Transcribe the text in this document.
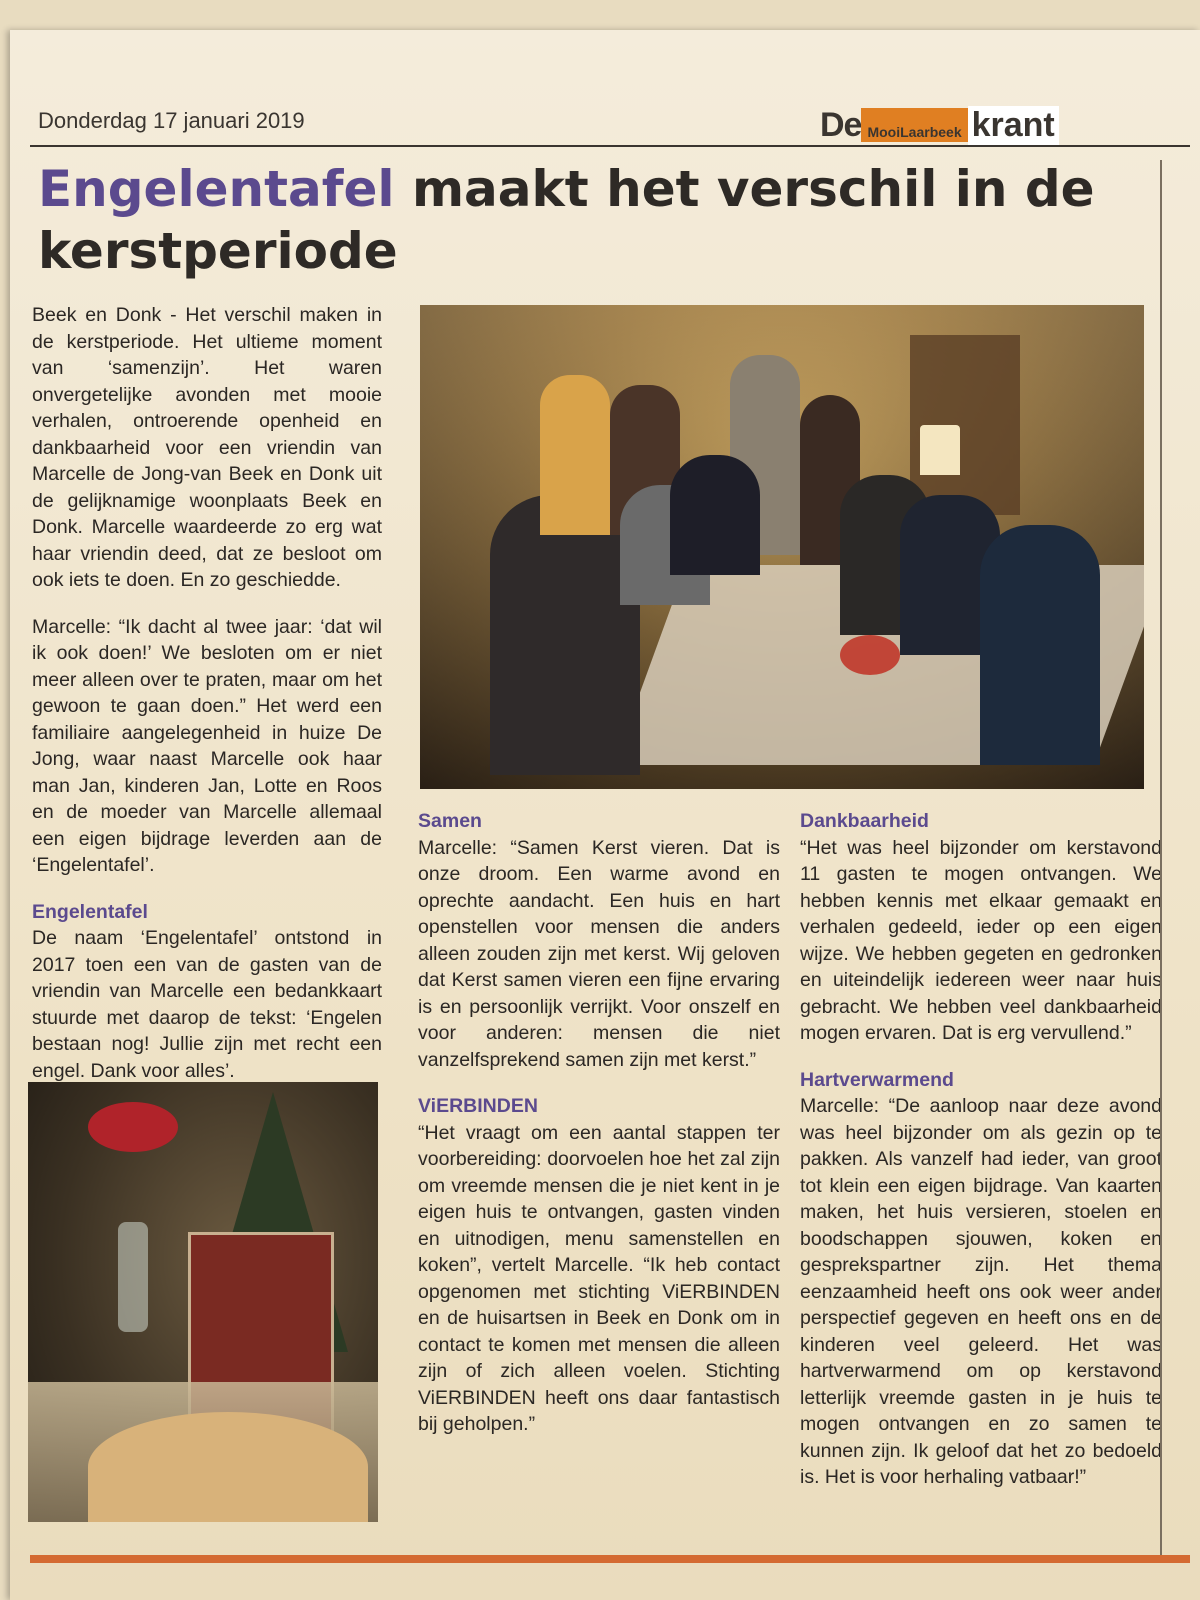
Donderdag 17 januari 2019	De MooiLaarbeek krant
Engelentafel maakt het verschil in de kerstperiode

Beek en Donk - Het verschil maken in de kerstperiode. Het ultieme moment van ‘samenzijn’. Het waren onvergetelijke avonden met mooie verhalen, ontroerende openheid en dankbaarheid voor een vriendin van Marcelle de Jong-van Beek en Donk uit de gelijknamige woonplaats Beek en Donk. Marcelle waardeerde zo erg wat haar vriendin deed, dat ze besloot om ook iets te doen. En zo geschiedde.

Marcelle: “Ik dacht al twee jaar: ‘dat wil ik ook doen!’ We besloten om er niet meer alleen over te praten, maar om het gewoon te gaan doen.” Het werd een familiaire aangelegenheid in huize De Jong, waar naast Marcelle ook haar man Jan, kinderen Jan, Lotte en Roos en de moeder van Marcelle allemaal een eigen bijdrage leverden aan de ‘Engelentafel’.

Engelentafel

De naam ‘Engelentafel’ ontstond in 2017 toen een van de gasten van de vriendin van Marcelle een bedankkaart stuurde met daarop de tekst: ‘Engelen bestaan nog! Jullie zijn met recht een engel. Dank voor alles’.

Samen

Marcelle: “Samen Kerst vieren. Dat is onze droom. Een warme avond en oprechte aandacht. Een huis en hart openstellen voor mensen die anders alleen zouden zijn met kerst. Wij geloven dat Kerst samen vieren een fijne ervaring is en persoonlijk verrijkt. Voor onszelf en voor anderen: mensen die niet vanzelfsprekend samen zijn met kerst.”

ViERBINDEN

“Het vraagt om een aantal stappen ter voorbereiding: doorvoelen hoe het zal zijn om vreemde mensen die je niet kent in je eigen huis te ontvangen, gasten vinden en uitnodigen, menu samenstellen en koken”, vertelt Marcelle. “Ik heb contact opgenomen met stichting ViERBINDEN en de huisartsen in Beek en Donk om in contact te komen met mensen die alleen zijn of zich alleen voelen. Stichting ViERBINDEN heeft ons daar fantastisch bij geholpen.”

Dankbaarheid

“Het was heel bijzonder om kerstavond 11 gasten te mogen ontvangen. We hebben kennis met elkaar gemaakt en verhalen gedeeld, ieder op een eigen wijze. We hebben gegeten en gedronken en uiteindelijk iedereen weer naar huis gebracht. We hebben veel dankbaarheid mogen ervaren. Dat is erg vervullend.”

Hartverwarmend

Marcelle: “De aanloop naar deze avond was heel bijzonder om als gezin op te pakken. Als vanzelf had ieder, van groot tot klein een eigen bijdrage. Van kaarten maken, het huis versieren, stoelen en boodschappen sjouwen, koken en gesprekspartner zijn. Het thema eenzaamheid heeft ons ook weer ander perspectief gegeven en heeft ons en de kinderen veel geleerd. Het was hartverwarmend om op kerstavond letterlijk vreemde gasten in je huis te mogen ontvangen en zo samen te kunnen zijn. Ik geloof dat het zo bedoeld is. Het is voor herhaling vatbaar!”
